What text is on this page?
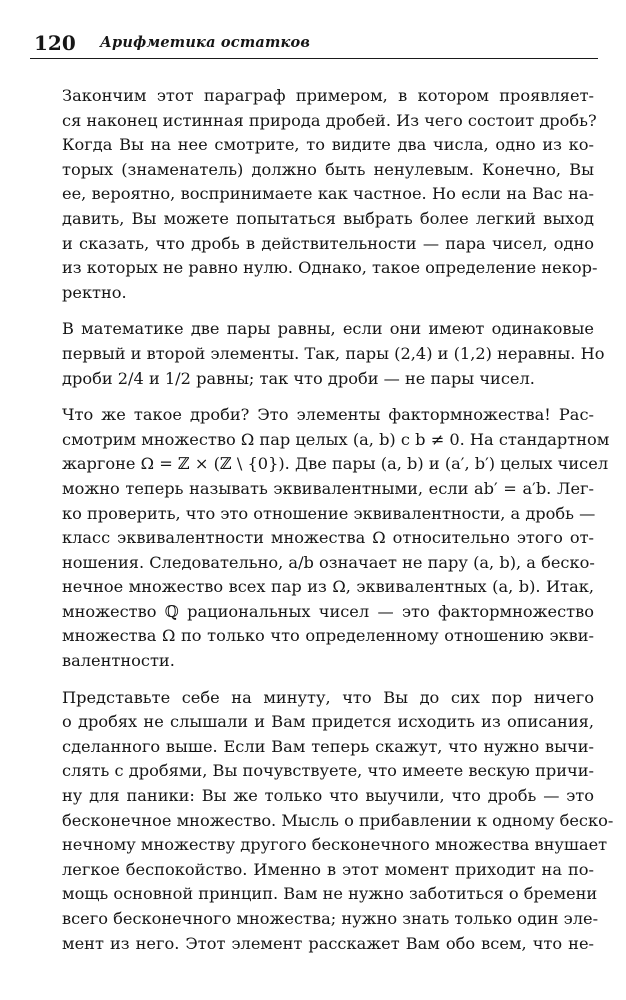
120 Арифметика остатков

Закончим этот параграф примером, в котором проявляет-
ся наконец истинная природа дробей. Из чего состоит дробь?
Когда Вы на нее смотрите, то видите два числа, одно из ко-
торых (знаменатель) должно быть ненулевым. Конечно, Вы
ее, вероятно, воспринимаете как частное. Но если на Вас на-
давить, Вы можете попытаться выбрать более легкий выход
и сказать, что дробь в действительности — пара чисел, одно
из которых не равно нулю. Однако, такое определение некор-
ректно.

В математике две пары равны, если они имеют одинаковые
первый и второй элементы. Так, пары (2,4) и (1,2) неравны. Но
дроби 2/4 и 1/2 равны; так что дроби — не пары чисел.

Что же такое дроби? Это элементы фактормножества! Рас-
смотрим множество Ω пар целых (a, b) с b ≠ 0. На стандартном
жаргоне Ω = ℤ × (ℤ \ {0}). Две пары (a, b) и (a′, b′) целых чисел
можно теперь называть эквивалентными, если ab′ = a′b. Лег-
ко проверить, что это отношение эквивалентности, а дробь —
класс эквивалентности множества Ω относительно этого от-
ношения. Следовательно, a/b означает не пару (a, b), а беско-
нечное множество всех пар из Ω, эквивалентных (a, b). Итак,
множество ℚ рациональных чисел — это фактормножество
множества Ω по только что определенному отношению экви-
валентности.

Представьте себе на минуту, что Вы до сих пор ничего
о дробях не слышали и Вам придется исходить из описания,
сделанного выше. Если Вам теперь скажут, что нужно вычи-
слять с дробями, Вы почувствуете, что имеете вескую причи-
ну для паники: Вы же только что выучили, что дробь — это
бесконечное множество. Мысль о прибавлении к одному беско-
нечному множеству другого бесконечного множества внушает
легкое беспокойство. Именно в этот момент приходит на по-
мощь основной принцип. Вам не нужно заботиться о бремени
всего бесконечного множества; нужно знать только один эле-
мент из него. Этот элемент расскажет Вам обо всем, что не-
